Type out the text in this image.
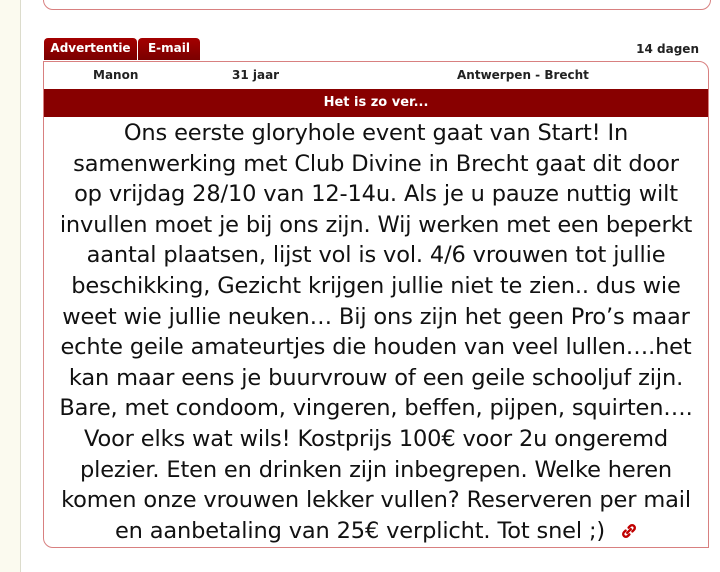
Advertentie	E-mail	14 dagen
Manon	31 jaar	Antwerpen - Brecht
Het is zo ver...
Ons eerste gloryhole event gaat van Start! In
samenwerking met Club Divine in Brecht gaat dit door
op vrijdag 28/10 van 12-14u. Als je u pauze nuttig wilt
invullen moet je bij ons zijn. Wij werken met een beperkt
aantal plaatsen, lijst vol is vol. 4/6 vrouwen tot jullie
beschikking, Gezicht krijgen jullie niet te zien.. dus wie
weet wie jullie neuken… Bij ons zijn het geen Pro’s maar
echte geile amateurtjes die houden van veel lullen….het
kan maar eens je buurvrouw of een geile schooljuf zijn.
Bare, met condoom, vingeren, beffen, pijpen, squirten….
Voor elks wat wils! Kostprijs 100€ voor 2u ongeremd
plezier. Eten en drinken zijn inbegrepen. Welke heren
komen onze vrouwen lekker vullen? Reserveren per mail
en aanbetaling van 25€ verplicht. Tot snel ;)
